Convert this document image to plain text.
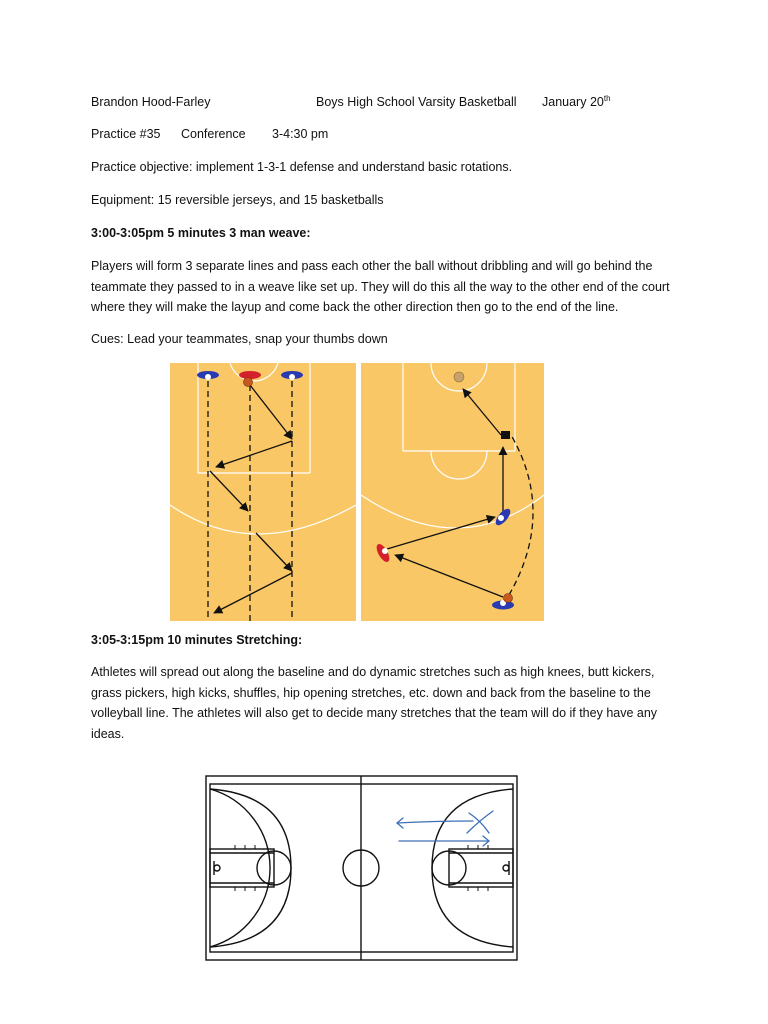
Brandon Hood-Farley	Boys High School Varsity Basketball January 20th
Practice #35 Conference 3-4:30 pm
Practice objective: implement 1-3-1 defense and understand basic rotations.
Equipment: 15 reversible jerseys, and 15 basketballs
3:00-3:05pm 5 minutes 3 man weave:
Players will form 3 separate lines and pass each other the ball without dribbling and will go behind the teammate they passed to in a weave like set up. They will do this all the way to the other end of the court where they will make the layup and come back the other direction then go to the end of the line.
Cues: Lead your teammates, snap your thumbs down
3:05-3:15pm 10 minutes Stretching:
Athletes will spread out along the baseline and do dynamic stretches such as high knees, butt kickers, grass pickers, high kicks, shuffles, hip opening stretches, etc. down and back from the baseline to the volleyball line. The athletes will also get to decide many stretches that the team will do if they have any ideas.
